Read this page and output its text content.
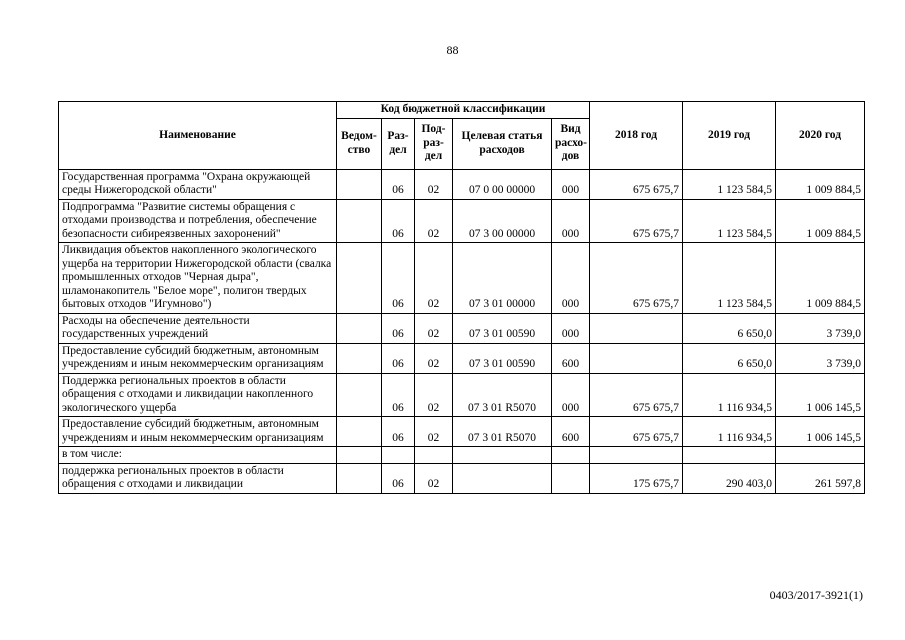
88
Наименование	Код бюджетной классификации					2018 год	2019 год	2020 год
	Ведом-ство	Раз-дел	Под-раз-дел	Целевая статья расходов	Вид расхо-дов			
Государственная программа "Охрана окружающей среды Нижегородской области"		06	02	07 0 00 00000	000	675 675,7	1 123 584,5	1 009 884,5
Подпрограмма "Развитие системы обращения с отходами производства и потребления, обеспечение безопасности сибиреязвенных захоронений"		06	02	07 3 00 00000	000	675 675,7	1 123 584,5	1 009 884,5
Ликвидация объектов накопленного экологического ущерба на территории Нижегородской области (свалка промышленных отходов "Черная дыра", шламонакопитель "Белое море", полигон твердых бытовых отходов "Игумново")		06	02	07 3 01 00000	000	675 675,7	1 123 584,5	1 009 884,5
Расходы на обеспечение деятельности государственных учреждений		06	02	07 3 01 00590	000		6 650,0	3 739,0
Предоставление субсидий бюджетным, автономным учреждениям и иным некоммерческим организациям		06	02	07 3 01 00590	600		6 650,0	3 739,0
Поддержка региональных проектов в области обращения с отходами и ликвидации накопленного экологического ущерба		06	02	07 3 01 R5070	000	675 675,7	1 116 934,5	1 006 145,5
Предоставление субсидий бюджетным, автономным учреждениям и иным некоммерческим организациям		06	02	07 3 01 R5070	600	675 675,7	1 116 934,5	1 006 145,5
в том числе:								
поддержка региональных проектов в области обращения с отходами и ликвидации		06	02			175 675,7	290 403,0	261 597,8
0403/2017-3921(1)
